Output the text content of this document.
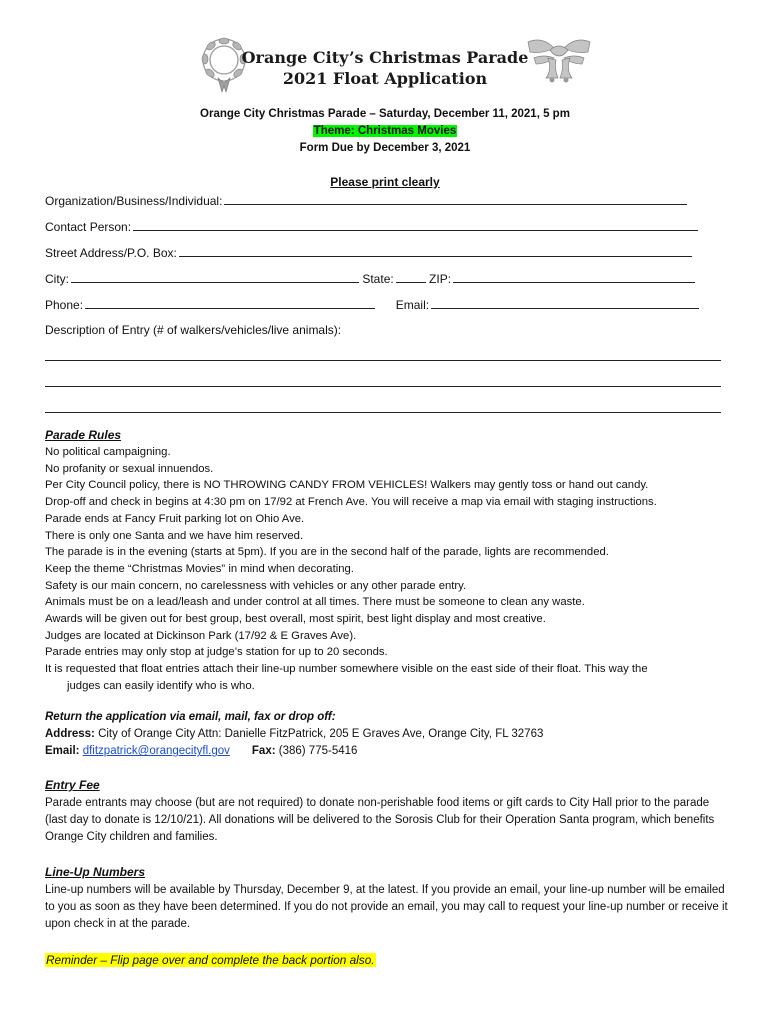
Orange City’s Christmas Parade
2021 Float Application
Orange City Christmas Parade – Saturday, December 11, 2021, 5 pm
Theme: Christmas Movies
Form Due by December 3, 2021
Please print clearly
Organization/Business/Individual:
Contact Person:
Street Address/P.O. Box:
City:	State:	ZIP:
Phone:	Email:
Description of Entry (# of walkers/vehicles/live animals):
Parade Rules
No political campaigning.
No profanity or sexual innuendos.
Per City Council policy, there is NO THROWING CANDY FROM VEHICLES! Walkers may gently toss or hand out candy.
Drop-off and check in begins at 4:30 pm on 17/92 at French Ave. You will receive a map via email with staging instructions.
Parade ends at Fancy Fruit parking lot on Ohio Ave.
There is only one Santa and we have him reserved.
The parade is in the evening (starts at 5pm). If you are in the second half of the parade, lights are recommended.
Keep the theme “Christmas Movies” in mind when decorating.
Safety is our main concern, no carelessness with vehicles or any other parade entry.
Animals must be on a lead/leash and under control at all times. There must be someone to clean any waste.
Awards will be given out for best group, best overall, most spirit, best light display and most creative.
Judges are located at Dickinson Park (17/92 & E Graves Ave).
Parade entries may only stop at judge’s station for up to 20 seconds.
It is requested that float entries attach their line-up number somewhere visible on the east side of their float. This way the
judges can easily identify who is who.
Return the application via email, mail, fax or drop off:
Address: City of Orange City Attn: Danielle FitzPatrick, 205 E Graves Ave, Orange City, FL 32763
Email: dfitzpatrick@orangecityfl.gov Fax: (386) 775-5416
Entry Fee
Parade entrants may choose (but are not required) to donate non-perishable food items or gift cards to City Hall prior to the parade (last day to donate is 12/10/21). All donations will be delivered to the Sorosis Club for their Operation Santa program, which benefits Orange City children and families.
Line-Up Numbers
Line-up numbers will be available by Thursday, December 9, at the latest. If you provide an email, your line-up number will be emailed to you as soon as they have been determined. If you do not provide an email, you may call to request your line-up number or receive it upon check in at the parade.
Reminder – Flip page over and complete the back portion also.
